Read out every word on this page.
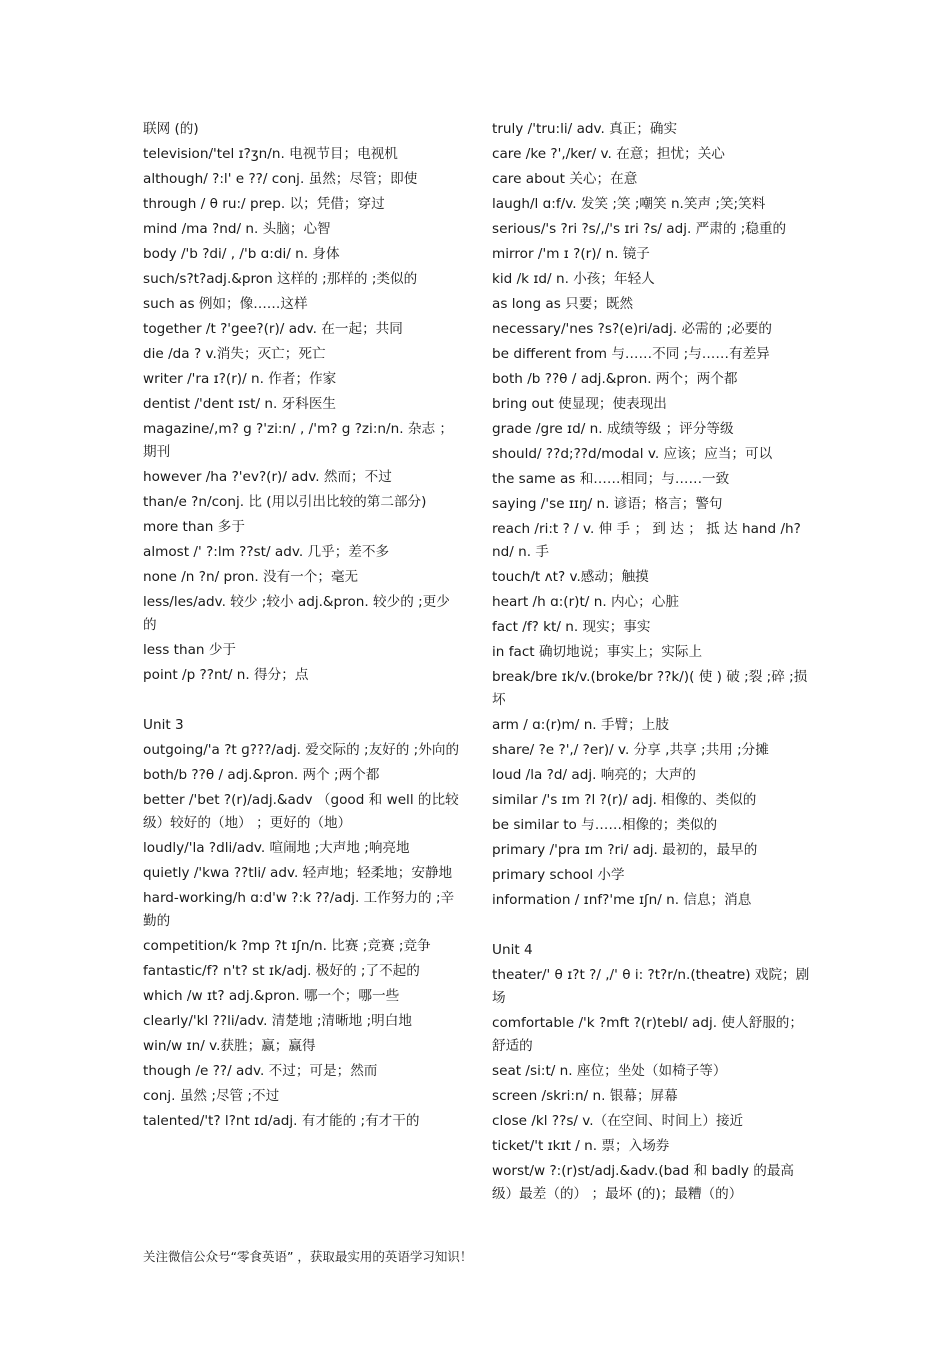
联网 (的)
television/'tel ɪ?ʒn/n. 电视节目；电视机
although/ ?:l' e ??/ conj. 虽然；尽管；即使
through / θ ru:/ prep. 以；凭借；穿过
mind /ma ?nd/ n. 头脑；心智
body /'b ?di/ , /'b ɑ:di/ n. 身体
such/s?t?adj.&pron 这样的 ;那样的 ;类似的
such as 例如；像……这样
together /t ?'geе?(r)/ adv. 在一起；共同
die /da ? v.消失；灭亡；死亡
writer /'ra ɪ?(r)/ n. 作者；作家
dentist /'dent ɪst/ n. 牙科医生
magazine/,m? g ?'zi:n/ , /'m? g ?zi:n/n. 杂志 ；期刊
however /ha ?'ev?(r)/ adv. 然而；不过
than/e ?n/conj. 比 (用以引出比较的第二部分)
more than 多于
almost /' ?:lm ??st/ adv. 几乎；差不多
none /n ?n/ pron. 没有一个；毫无
less/les/adv. 较少 ;较小 adj.&pron. 较少的 ;更少的
less than 少于
point /p ??nt/ n. 得分；点
Unit 3
outgoing/'a ?t ɡ???/adj. 爱交际的 ;友好的 ;外向的
both/b ??θ / adj.&pron. 两个 ;两个都
better /'bet ?(r)/adj.&adv （good 和 well 的比较级）较好的（地） ；更好的（地）
loudly/'la ?dli/adv. 喧闹地 ;大声地 ;响亮地
quietly /'kwa ??tli/ adv. 轻声地；轻柔地；安静地
hard-working/h ɑ:d'w ?:k ??/adj. 工作努力的 ;辛勤的
competition/k ?mp ?t ɪʃn/n. 比赛 ;竞赛 ;竞争
fantastic/f? n't? st ɪk/adj. 极好的 ;了不起的
which /w ɪt? adj.&pron. 哪一个；哪一些
clearly/'kl ??li/adv. 清楚地 ;清晰地 ;明白地
win/w ɪn/ v.获胜；赢；赢得
though /e ??/ adv. 不过；可是；然而
conj. 虽然 ;尽管 ;不过
talented/'t? l?nt ɪd/adj. 有才能的 ;有才干的
truly /'tru:li/ adv. 真正；确实
care /ke ?',/ker/ v. 在意；担忧；关心
care about 关心；在意
laugh/l ɑ:f/v. 发笑 ;笑 ;嘲笑 n.笑声 ;笑;笑料
serious/'s ?ri ?s/,/'s ɪri ?s/ adj. 严肃的 ;稳重的
mirror /'m ɪ ?(r)/ n. 镜子
kid /k ɪd/ n. 小孩；年轻人
as long as 只要；既然
necessary/'nes ?s?(e)ri/adj. 必需的 ;必要的
be different from 与……不同 ;与……有差异
both /b ??θ / adj.&pron. 两个；两个都
bring out 使显现；使表现出
grade /gre ɪd/ n. 成绩等级 ；评分等级
should/ ??d;??d/modal v. 应该；应当；可以
the same as 和……相同；与……一致
saying /'se ɪɪŋ/ n. 谚语；格言；警句
reach /ri:t ? / v. 伸 手 ； 到 达 ； 抵 达 hand /h? nd/ n. 手
touch/t ʌt? v.感动；触摸
heart /h ɑ:(r)t/ n. 内心；心脏
fact /f? kt/ n. 现实；事实
in fact 确切地说；事实上；实际上
break/bre ɪk/v.(broke/br ??k/)( 使 ) 破 ;裂 ;碎 ;损坏
arm / ɑ:(r)m/ n. 手臂；上肢
share/ ?e ?',/ ?er)/ v. 分享 ,共享 ;共用 ;分摊
loud /la ?d/ adj. 响亮的；大声的
similar /'s ɪm ?l ?(r)/ adj. 相像的、类似的
be similar to 与……相像的；类似的
primary /'pra ɪm ?ri/ adj. 最初的，最早的
primary school 小学
information / ɪnf?'me ɪʃn/ n. 信息；消息
Unit 4
theater/' θ ɪ?t ?/ ,/' θ i: ?t?r/n.(theatre) 戏院；剧场
comfortable /'k ?mft ?(r)tebl/ adj. 使人舒服的；舒适的
seat /si:t/ n. 座位；坐处（如椅子等）
screen /skri:n/ n. 银幕；屏幕
close /kl ??s/ v.（在空间、时间上）接近
ticket/'t ɪkɪt / n. 票；入场券
worst/w ?:(r)st/adj.&adv.(bad 和 badly 的最高级）最差（的） ；最坏 (的)；最糟（的）
关注微信公众号“零食英语” ，获取最实用的英语学习知识！
